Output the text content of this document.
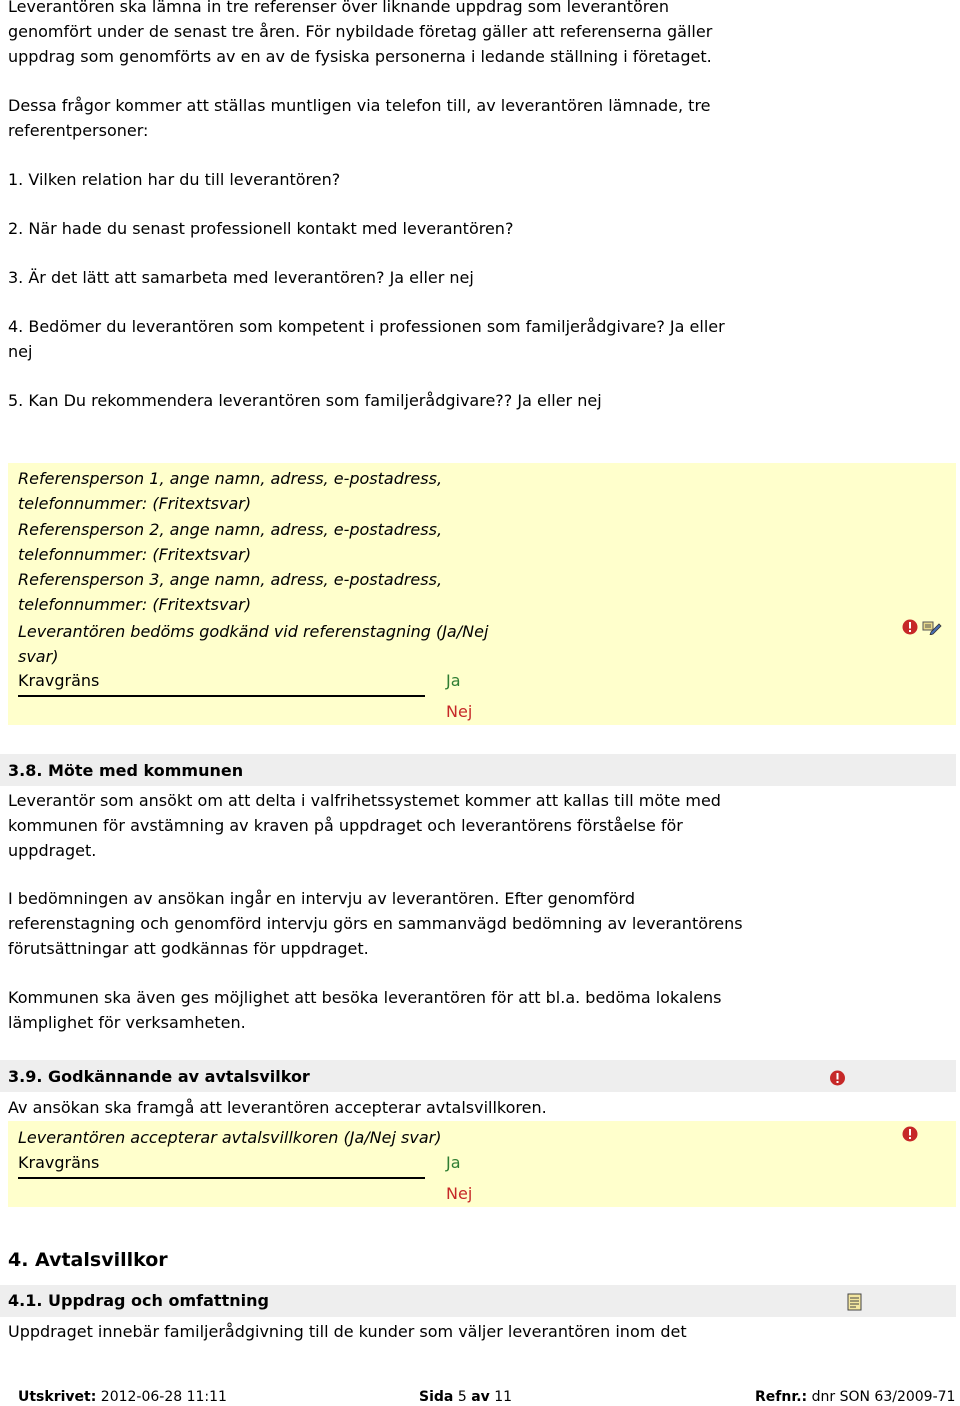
Leverantören ska lämna in tre referenser över liknande uppdrag som leverantören
genomfört under de senast tre åren. För nybildade företag gäller att referenserna gäller
uppdrag som genomförts av en av de fysiska personerna i ledande ställning i företaget.
Dessa frågor kommer att ställas muntligen via telefon till, av leverantören lämnade, tre
referentpersoner:
1. Vilken relation har du till leverantören?
2. När hade du senast professionell kontakt med leverantören?
3. Är det lätt att samarbeta med leverantören? Ja eller nej
4. Bedömer du leverantören som kompetent i professionen som familjerådgivare? Ja eller
nej
5. Kan Du rekommendera leverantören som familjerådgivare?? Ja eller nej
Referensperson 1, ange namn, adress, e-postadress,
telefonnummer: (Fritextsvar)
Referensperson 2, ange namn, adress, e-postadress,
telefonnummer: (Fritextsvar)
Referensperson 3, ange namn, adress, e-postadress,
telefonnummer: (Fritextsvar)
Leverantören bedöms godkänd vid referenstagning (Ja/Nej
svar)
Kravgräns	Ja
Nej
3.8. Möte med kommunen
Leverantör som ansökt om att delta i valfrihetssystemet kommer att kallas till möte med
kommunen för avstämning av kraven på uppdraget och leverantörens förståelse för
uppdraget.
I bedömningen av ansökan ingår en intervju av leverantören. Efter genomförd
referenstagning och genomförd intervju görs en sammanvägd bedömning av leverantörens
förutsättningar att godkännas för uppdraget.
Kommunen ska även ges möjlighet att besöka leverantören för att bl.a. bedöma lokalens
lämplighet för verksamheten.
3.9. Godkännande av avtalsvilkor
Av ansökan ska framgå att leverantören accepterar avtalsvillkoren.
Leverantören accepterar avtalsvillkoren (Ja/Nej svar)
Kravgräns	Ja
Nej
4. Avtalsvillkor
4.1. Uppdrag och omfattning
Uppdraget innebär familjerådgivning till de kunder som väljer leverantören inom det
Utskrivet: 2012-06-28 11:11	Sida 5 av 11	Refnr.: dnr SON 63/2009-71
